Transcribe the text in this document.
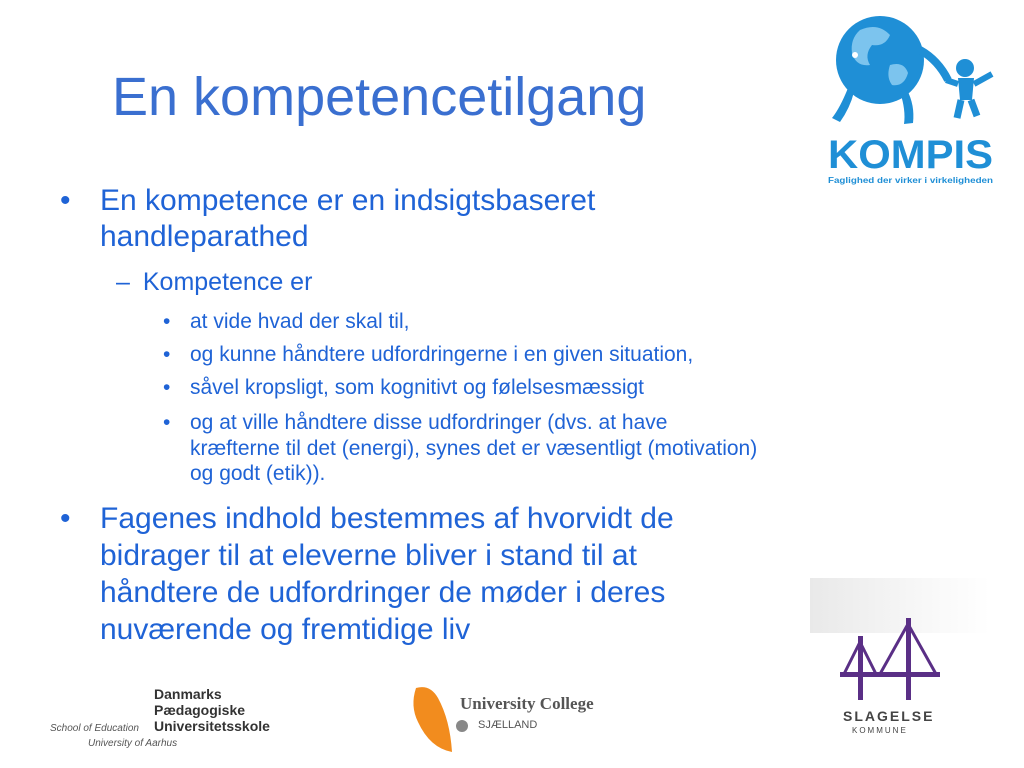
En kompetencetilgang
KOMPIS
Faglighed der virker i virkeligheden
• En kompetence er en indsigtsbaseret
handleparathed
– Kompetence er
• at vide hvad der skal til,
• og kunne håndtere udfordringerne i en given situation,
• såvel kropsligt, som kognitivt og følelsesmæssigt
• og at ville håndtere disse udfordringer (dvs. at have
kræfterne til det (energi), synes det er væsentligt (motivation)
og godt (etik)).
• Fagenes indhold bestemmes af hvorvidt de
bidrager til at eleverne bliver i stand til at
håndtere de udfordringer de møder i deres
nuværende og fremtidige liv
Danmarks
Pædagogiske
Universitetsskole
School of Education
University of Aarhus
University College
SJÆLLAND
SLAGELSE
KOMMUNE
